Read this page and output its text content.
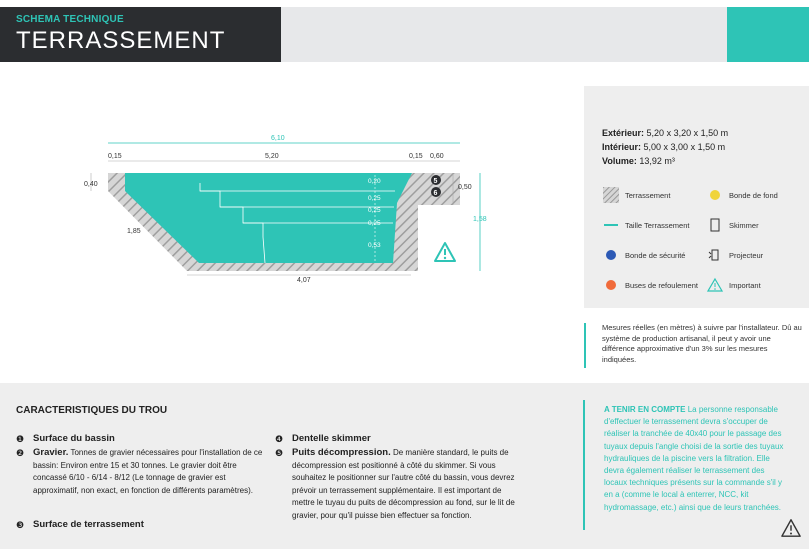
SCHEMA TECHNIQUE
TERRASSEMENT
6,10
0,15	5,20	0,15 0,60
0,20
0,25
0,25
0,25
0,53
5
6
0,40	0,50
1,58
1,85
4,07
Extérieur: 5,20 x 3,20 x 1,50 m
Intérieur: 5,00 x 3,00 x 1,50 m
Volume: 13,92 m³
Terrassement	Bonde de fond
Taille Terrassement	Skimmer
Bonde de sécurité	Projecteur
Buses de refoulement	Important
Mesures réelles (en mètres) à suivre par l'installateur. Dû au système de production artisanal, il peut y avoir une différence approximative d'un 3% sur les mesures indiquées.
CARACTERISTIQUES DU TROU
❶ Surface du bassin
❷ Gravier. Tonnes de gravier nécessaires pour l'installation de ce bassin: Environ entre 15 et 30 tonnes. Le gravier doit être concassé 6/10 - 6/14 - 8/12 (Le tonnage de gravier est approximatif, non exact, en fonction de différents paramètres).
❸ Surface de terrassement
❹ Dentelle skimmer
❺ Puits décompression. De manière standard, le puits de décompression est positionné à côté du skimmer. Si vous souhaitez le positionner sur l'autre côté du bassin, vous devrez prévoir un terrassement supplémentaire. Il est important de mettre le tuyau du puits de décompression au fond, sur le lit de gravier, pour qu'il puisse bien effectuer sa fonction.
A TENIR EN COMPTE La personne responsable d'effectuer le terrassement devra s'occuper de réaliser la tranchée de 40x40 pour le passage des tuyaux depuis l'angle choisi de la sortie des tuyaux hydrauliques de la piscine vers la filtration. Elle devra également réaliser le terrassement des locaux techniques présents sur la commande s'il y en a (comme le local à enterrer, NCC, kit hydromassage, etc.) ainsi que de leurs tranchées.
